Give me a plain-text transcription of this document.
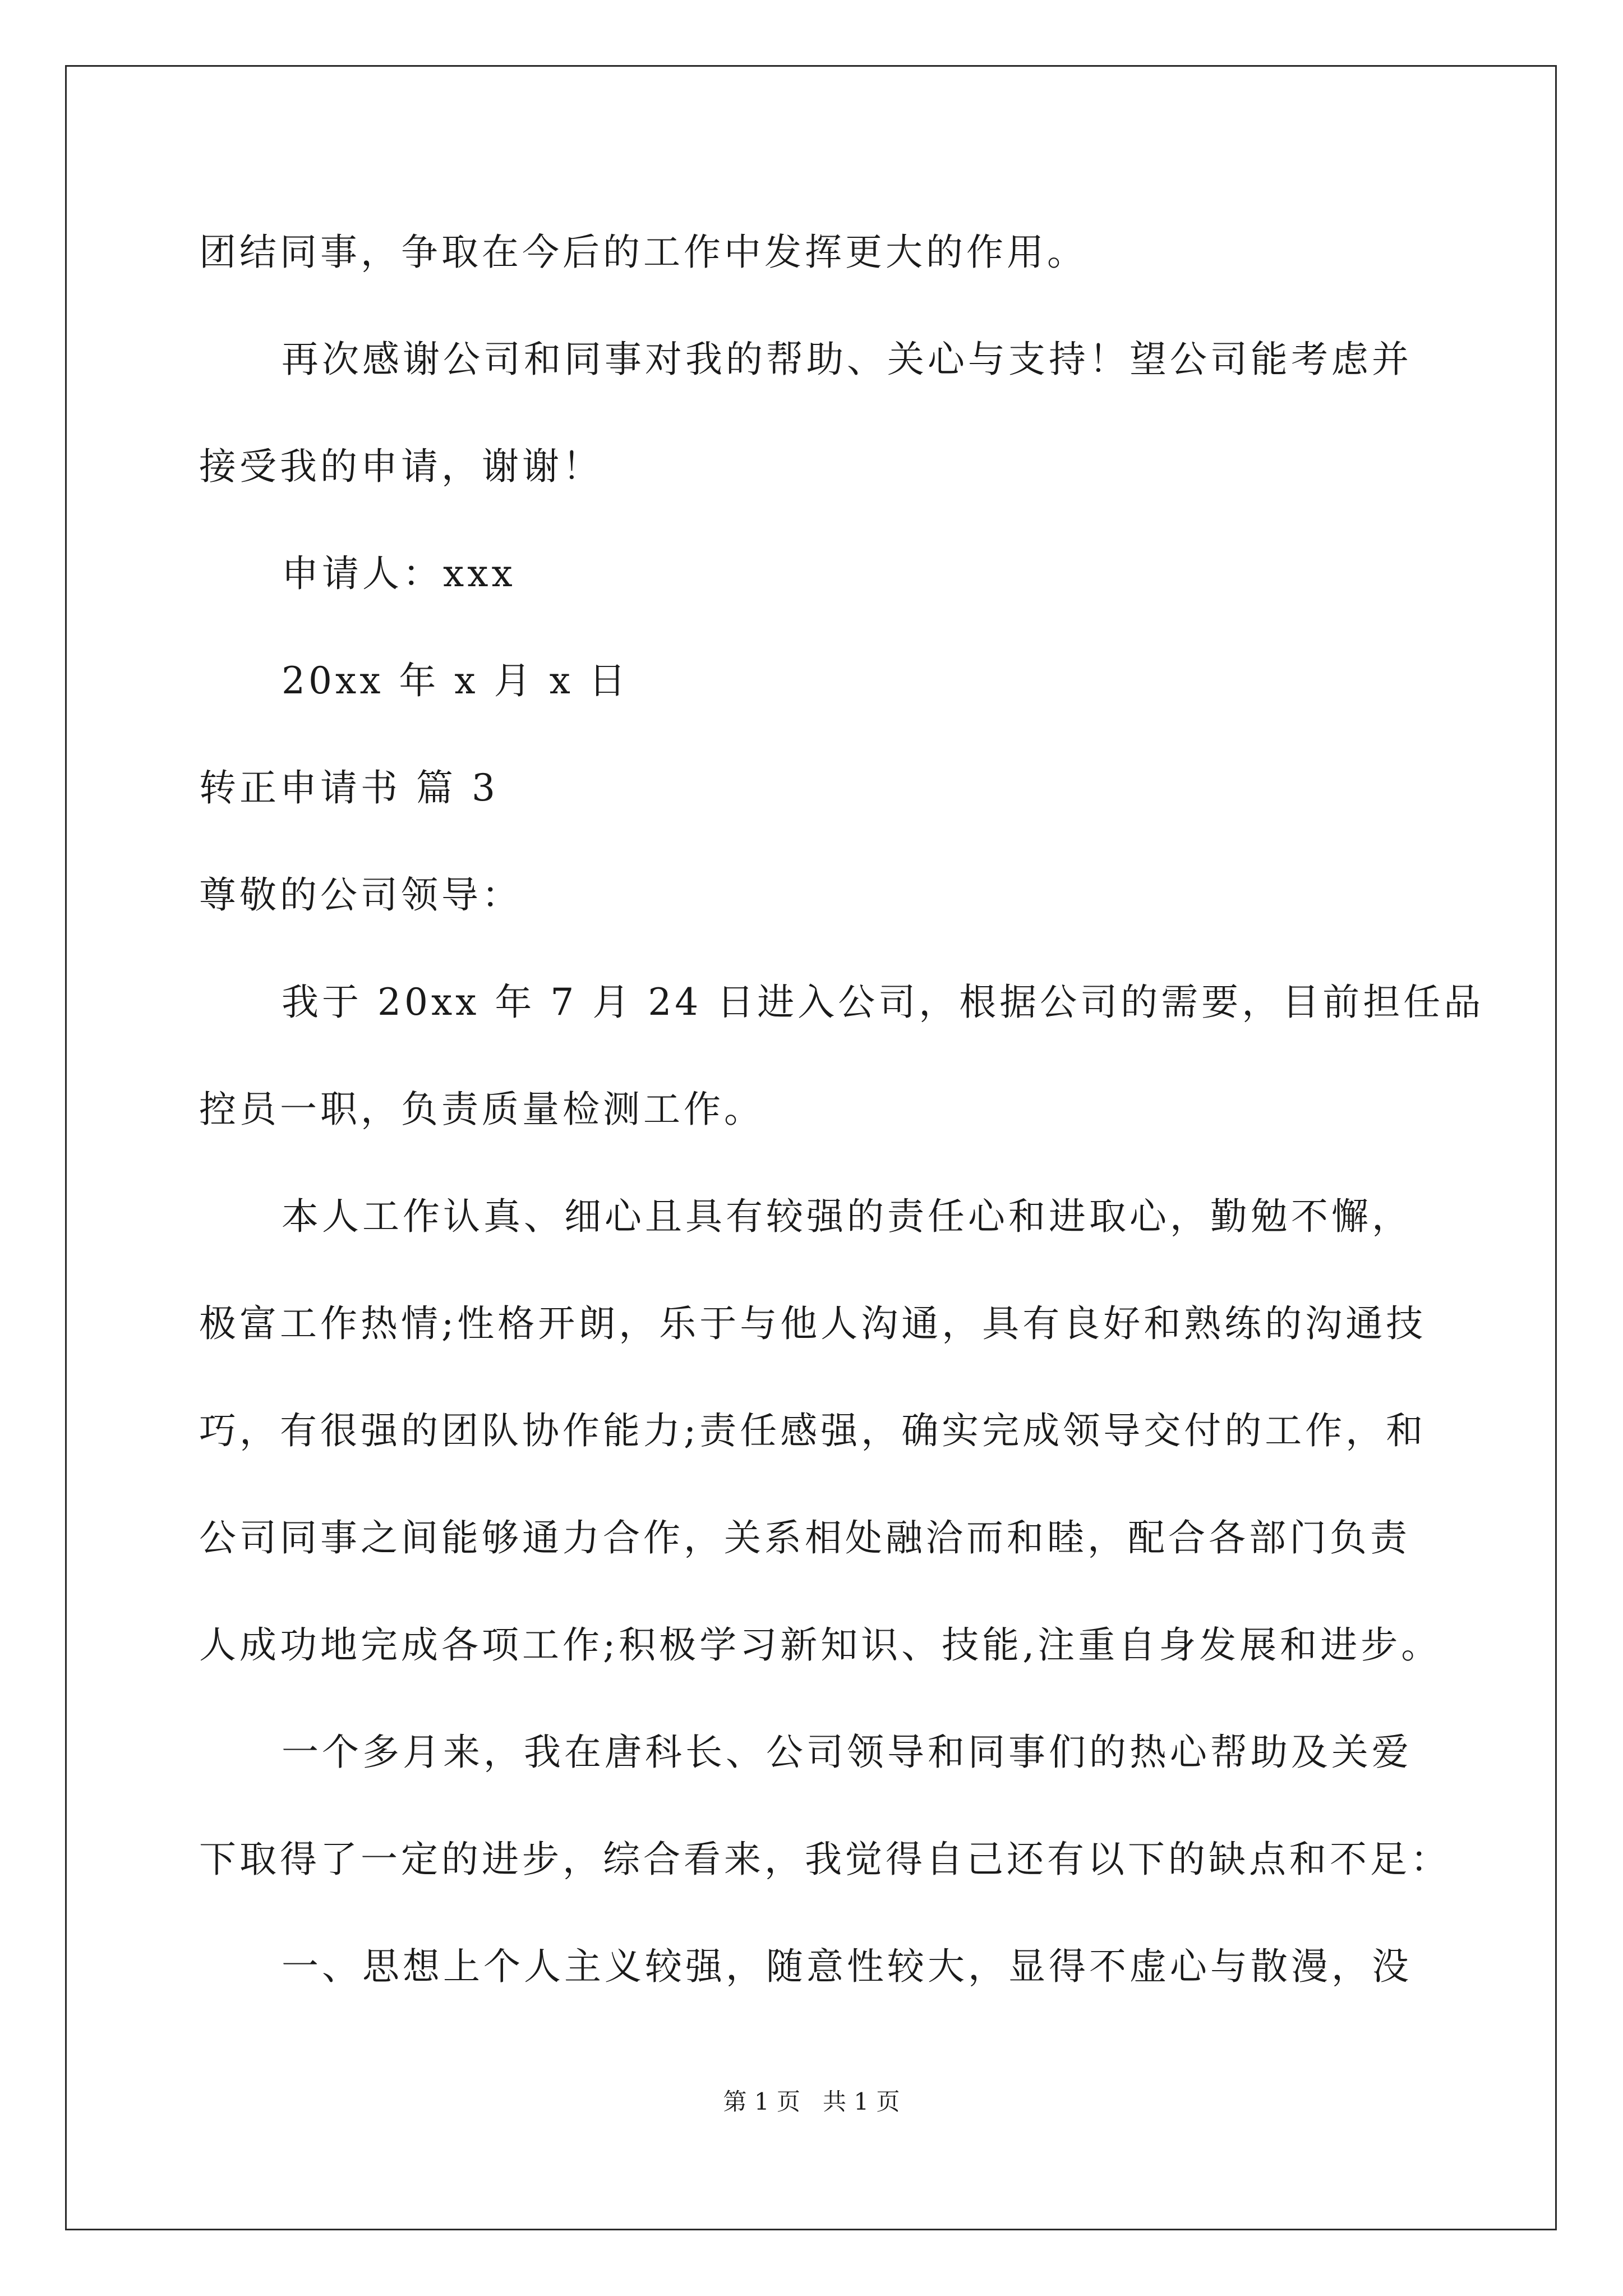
团结同事，争取在今后的工作中发挥更大的作用。
再次感谢公司和同事对我的帮助、关心与支持！望公司能考虑并
接受我的申请，谢谢！
申请人：xxx
20xx 年 x 月 x 日
转正申请书 篇 3
尊敬的公司领导：
我于 20xx 年 7 月 24 日进入公司，根据公司的需要，目前担任品
控员一职，负责质量检测工作。
本人工作认真、细心且具有较强的责任心和进取心，勤勉不懈，
极富工作热情;性格开朗，乐于与他人沟通，具有良好和熟练的沟通技
巧，有很强的团队协作能力;责任感强，确实完成领导交付的工作，和
公司同事之间能够通力合作，关系相处融洽而和睦，配合各部门负责
人成功地完成各项工作;积极学习新知识、技能,注重自身发展和进步。
一个多月来，我在唐科长、公司领导和同事们的热心帮助及关爱
下取得了一定的进步，综合看来，我觉得自己还有以下的缺点和不足：
一、思想上个人主义较强，随意性较大，显得不虚心与散漫，没
第 1 页   共 1 页
